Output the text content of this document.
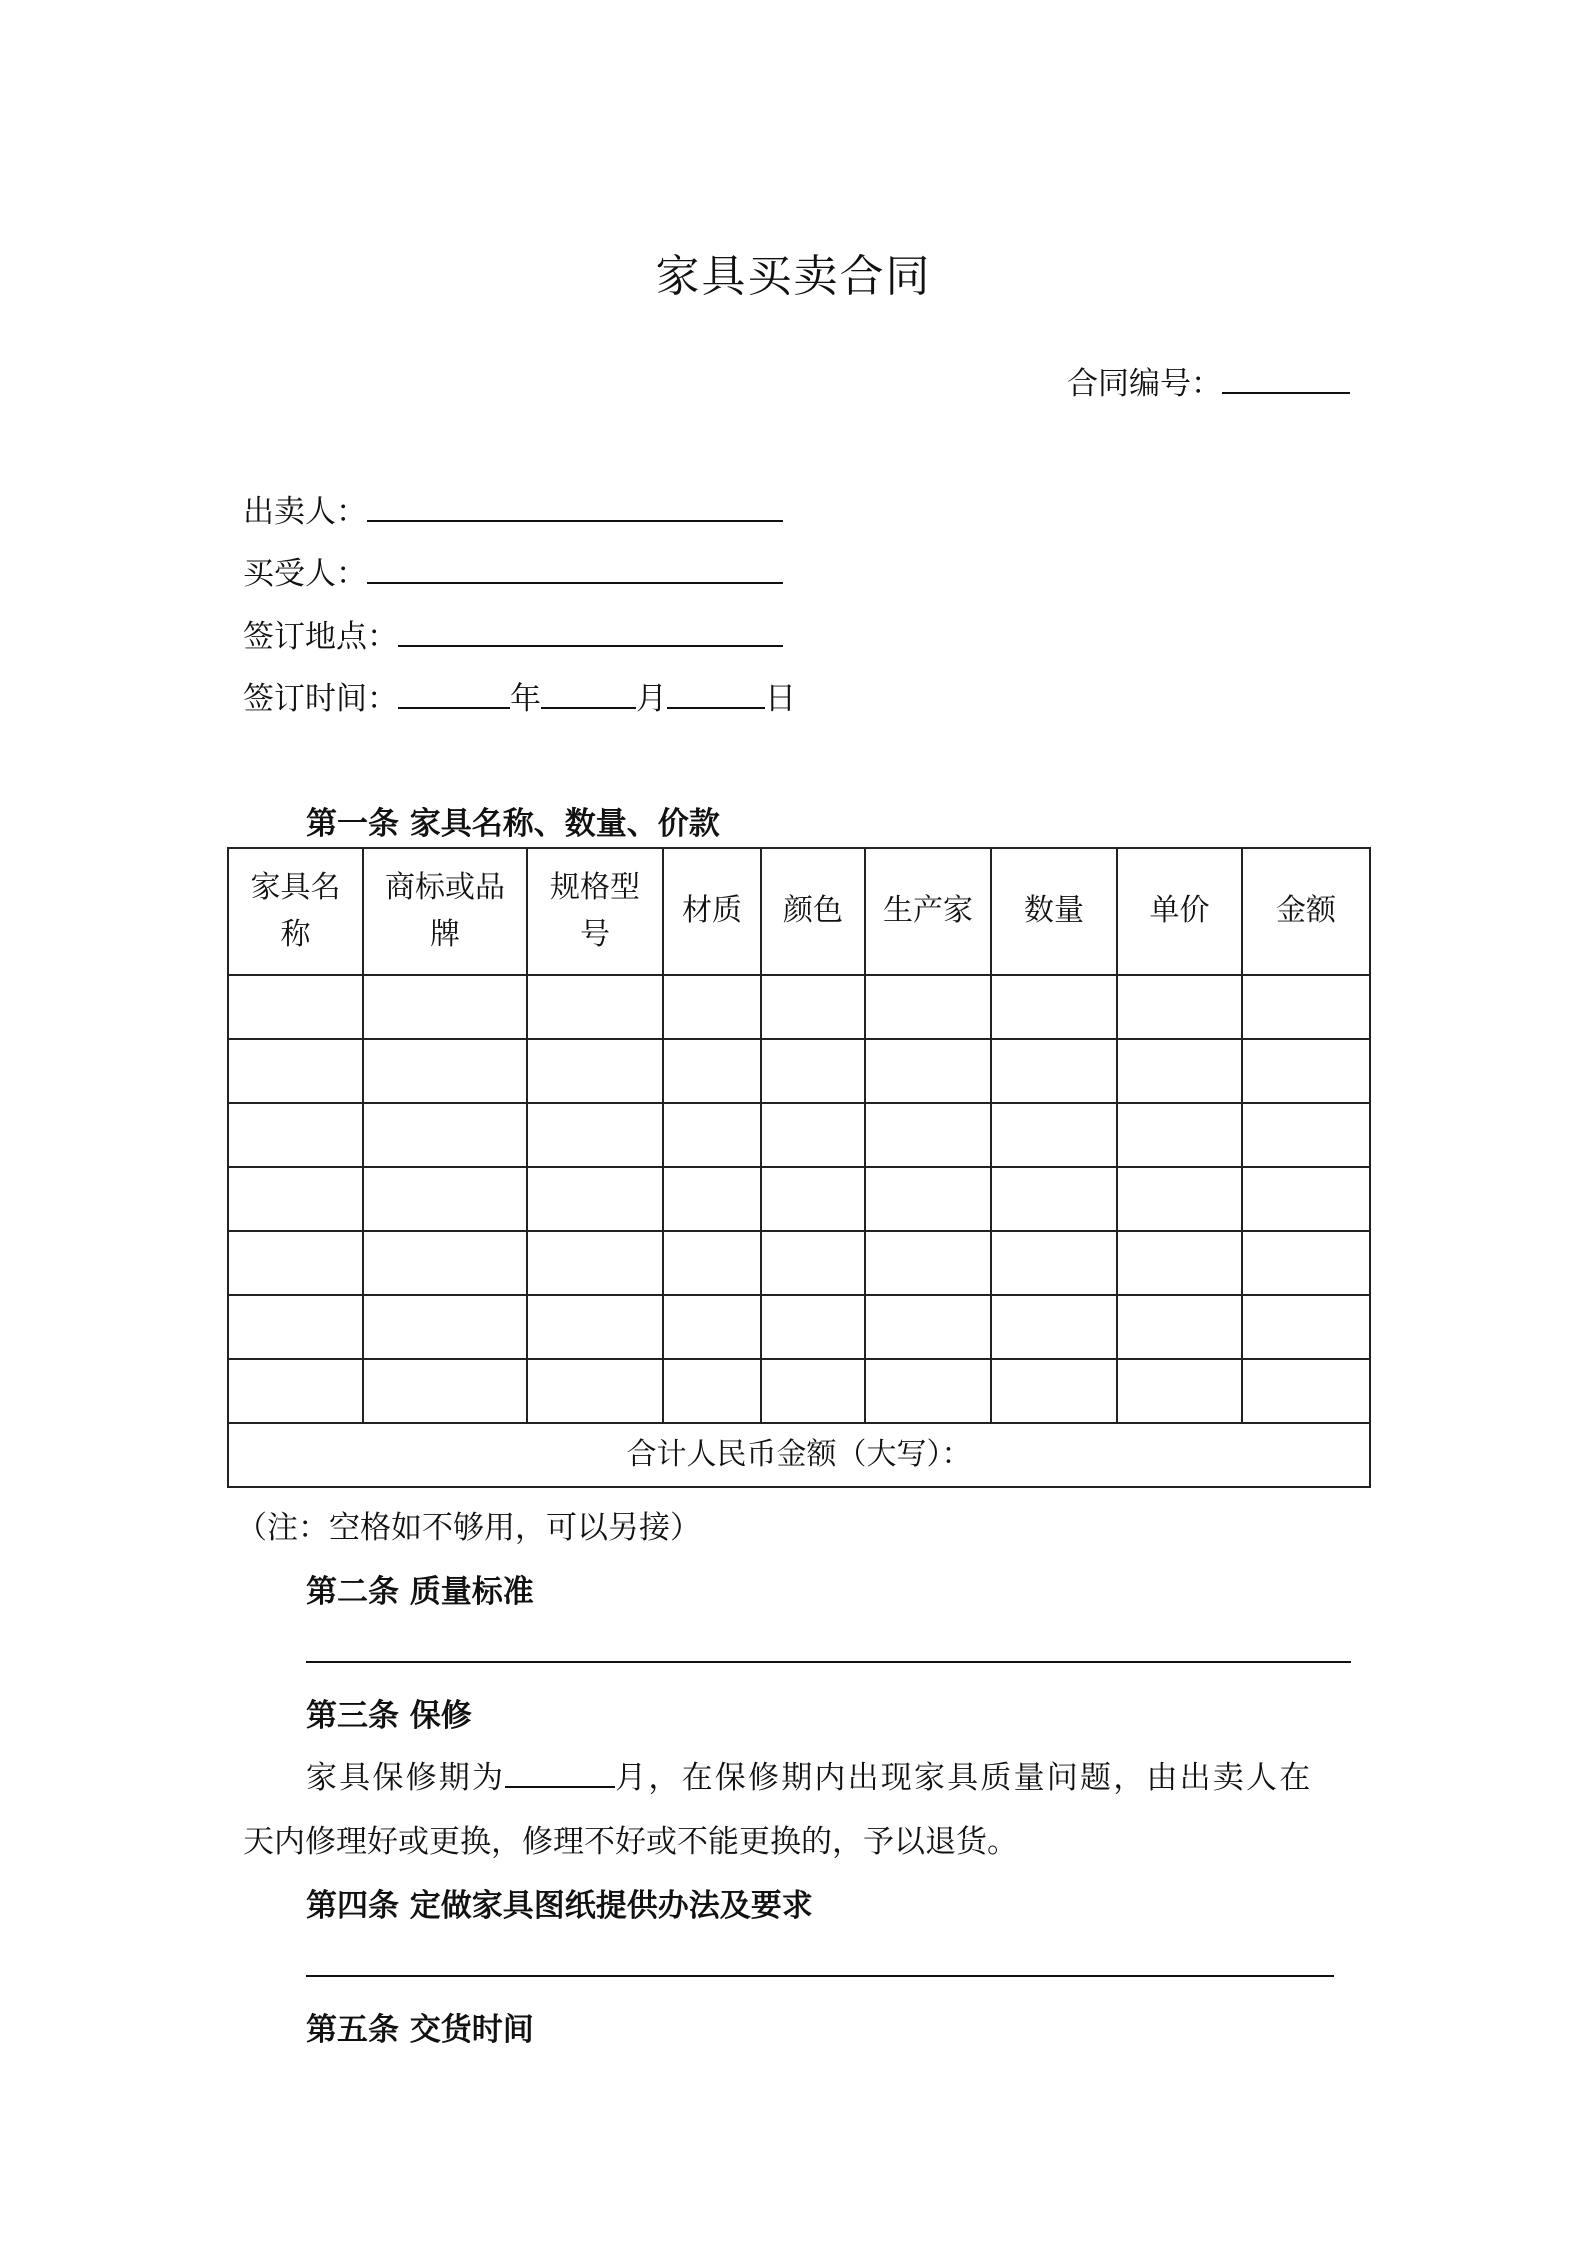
家具买卖合同
合同编号：
出卖人：
买受人：
签订地点：
签订时间：	年	月	日
第一条 家具名称、数量、价款
家具名称	商标或品牌	规格型号	材质	颜色	生产家	数量	单价	金额

合计人民币金额（大写）：								
（注：空格如不够用，可以另接）
第二条 质量标准
第三条 保修
家具保修期为	月，在保修期内出现家具质量问题，由出卖人在
天内修理好或更换，修理不好或不能更换的，予以退货。
第四条 定做家具图纸提供办法及要求
第五条 交货时间
